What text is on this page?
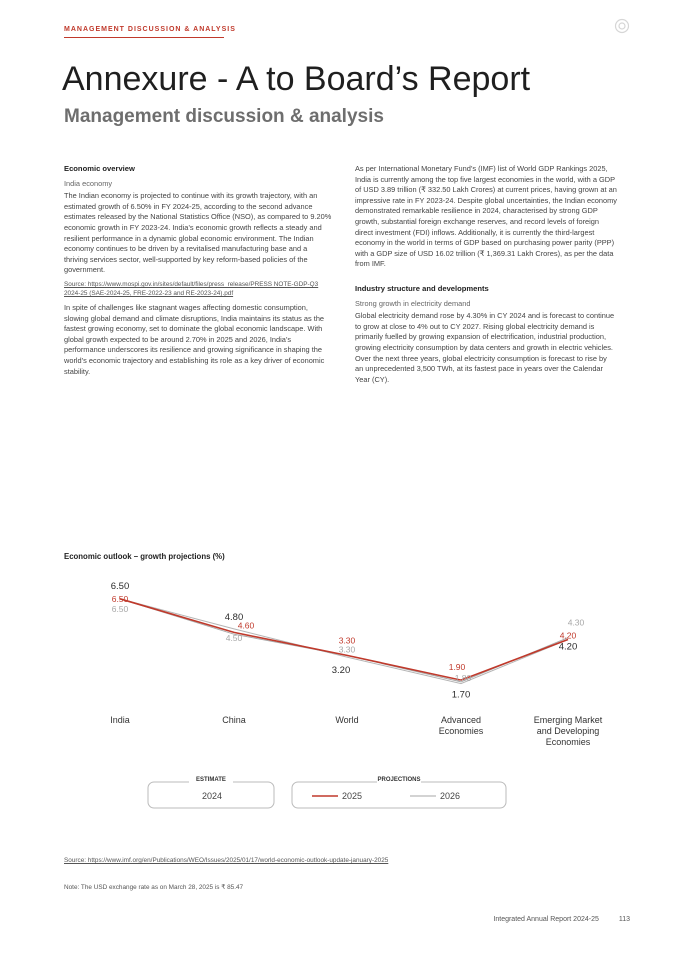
MANAGEMENT DISCUSSION & ANALYSIS
Annexure - A to Board’s Report
Management discussion & analysis
Economic overview
India economy

The Indian economy is projected to continue with its growth trajectory, with an estimated growth of 6.50% in FY 2024-25, according to the second advance estimates released by the National Statistics Office (NSO), as compared to 9.20% economic growth in FY 2023-24. India’s economic growth reflects a steady and resilient performance in a dynamic global economic environment. The Indian economy continues to be driven by a revitalised manufacturing base and a thriving services sector, well-supported by key reform-based policies of the government.

Source: https://www.mospi.gov.in/sites/default/files/press_release/PRESS NOTE-GDP-Q3 2024-25 (SAE-2024-25, FRE-2022-23 and RE-2023-24).pdf

In spite of challenges like stagnant wages affecting domestic consumption, slowing global demand and climate disruptions, India maintains its status as the fastest growing economy, set to dominate the global economic landscape. With global growth expected to be around 2.70% in 2025 and 2026, India’s performance underscores its resilience and growing significance in shaping the world’s economic trajectory and establishing its role as a key driver of economic stability.

As per International Monetary Fund’s (IMF) list of World GDP Rankings 2025, India is currently among the top five largest economies in the world, with a GDP of USD 3.89 trillion (₹ 332.50 Lakh Crores) at current prices, having grown at an impressive rate in FY 2023-24. Despite global uncertainties, the Indian economy demonstrated remarkable resilience in 2024, characterised by strong GDP growth, substantial foreign exchange reserves, and record levels of foreign direct investment (FDI) inflows. Additionally, it is currently the third-largest economy in the world in terms of GDP based on purchasing power parity (PPP) with a GDP size of USD 16.02 trillion (₹ 1,369.31 Lakh Crores), as per the data from IMF.

Industry structure and developments
Strong growth in electricity demand

Global electricity demand rose by 4.30% in CY 2024 and is forecast to continue to grow at close to 4% out to CY 2027. Rising global electricity demand is primarily fuelled by growing expansion of electrification, industrial production, growing electricity consumption by data centers and growth in electric vehicles. Over the next three years, global electricity consumption is forecast to rise by an unprecedented 3,500 TWh, at its fastest pace in years over the Calendar Year (CY).

Economic outlook – growth projections (%)
6.50
4.80
3.20
1.70
4.20
6.50
4.60
3.30
1.90
4.20
6.50
4.50
3.30
1.80
4.30
India	China	World	Advanced
Economies
Emerging Market
and Developing
Economies
ESTIMATE	PROJECTIONS
2024	2025	2026
Source: https://www.imf.org/en/Publications/WEO/Issues/2025/01/17/world-economic-outlook-update-january-2025
Note: The USD exchange rate as on March 28, 2025 is ₹ 85.47
Integrated Annual Report 2024-25	113
